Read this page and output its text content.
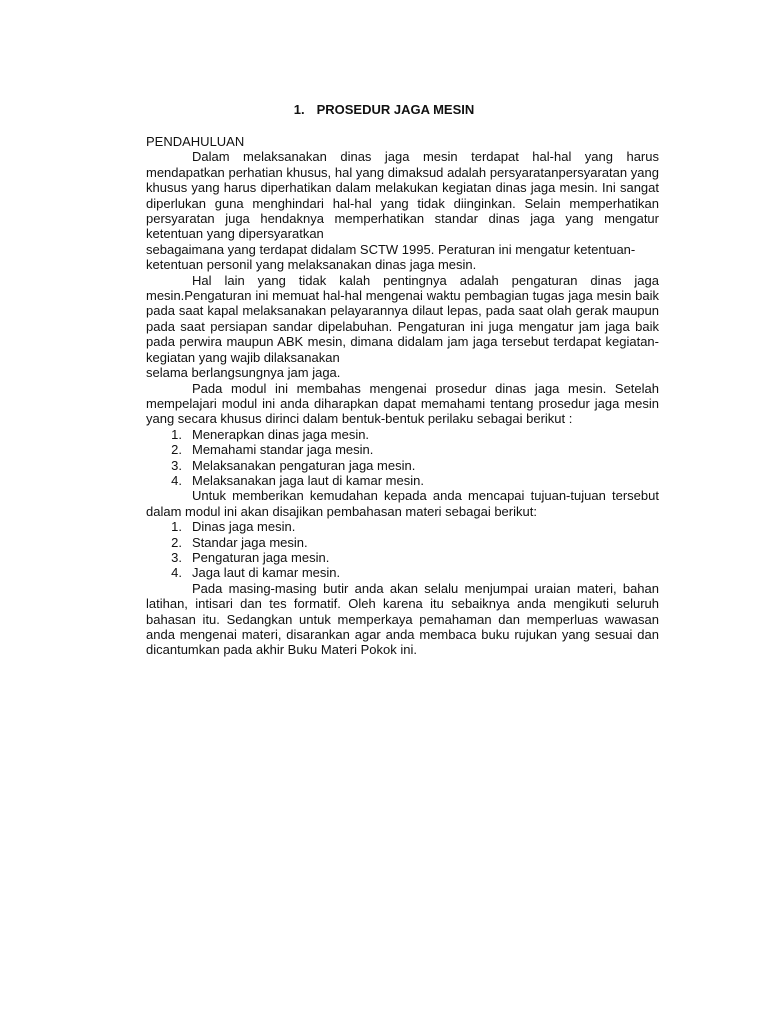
1. PROSEDUR JAGA MESIN

PENDAHULUAN

Dalam melaksanakan dinas jaga mesin terdapat hal-hal yang harus mendapatkan perhatian khusus, hal yang dimaksud adalah persyaratanpersyaratan yang khusus yang harus diperhatikan dalam melakukan kegiatan dinas jaga mesin. Ini sangat diperlukan guna menghindari hal-hal yang tidak diinginkan. Selain memperhatikan persyaratan juga hendaknya memperhatikan standar dinas jaga yang mengatur ketentuan yang dipersyaratkan

sebagaimana yang terdapat didalam SCTW 1995. Peraturan ini mengatur ketentuan-ketentuan personil yang melaksanakan dinas jaga mesin.

Hal lain yang tidak kalah pentingnya adalah pengaturan dinas jaga mesin.Pengaturan ini memuat hal-hal mengenai waktu pembagian tugas jaga mesin baik pada saat kapal melaksanakan pelayarannya dilaut lepas, pada saat olah gerak maupun pada saat persiapan sandar dipelabuhan. Pengaturan ini juga mengatur jam jaga baik pada perwira maupun ABK mesin, dimana didalam jam jaga tersebut terdapat kegiatan-kegiatan yang wajib dilaksanakan

selama berlangsungnya jam jaga.

Pada modul ini membahas mengenai prosedur dinas jaga mesin. Setelah mempelajari modul ini anda diharapkan dapat memahami tentang prosedur jaga mesin yang secara khusus dirinci dalam bentuk-bentuk perilaku sebagai berikut :

1. Menerapkan dinas jaga mesin.
2. Memahami standar jaga mesin.
3. Melaksanakan pengaturan jaga mesin.
4. Melaksanakan jaga laut di kamar mesin.

Untuk memberikan kemudahan kepada anda mencapai tujuan-tujuan tersebut dalam modul ini akan disajikan pembahasan materi sebagai berikut:

1. Dinas jaga mesin.
2. Standar jaga mesin.
3. Pengaturan jaga mesin.
4. Jaga laut di kamar mesin.

Pada masing-masing butir anda akan selalu menjumpai uraian materi, bahan latihan, intisari dan tes formatif. Oleh karena itu sebaiknya anda mengikuti seluruh bahasan itu. Sedangkan untuk memperkaya pemahaman dan memperluas wawasan anda mengenai materi, disarankan agar anda membaca buku rujukan yang sesuai dan dicantumkan pada akhir Buku Materi Pokok ini.
